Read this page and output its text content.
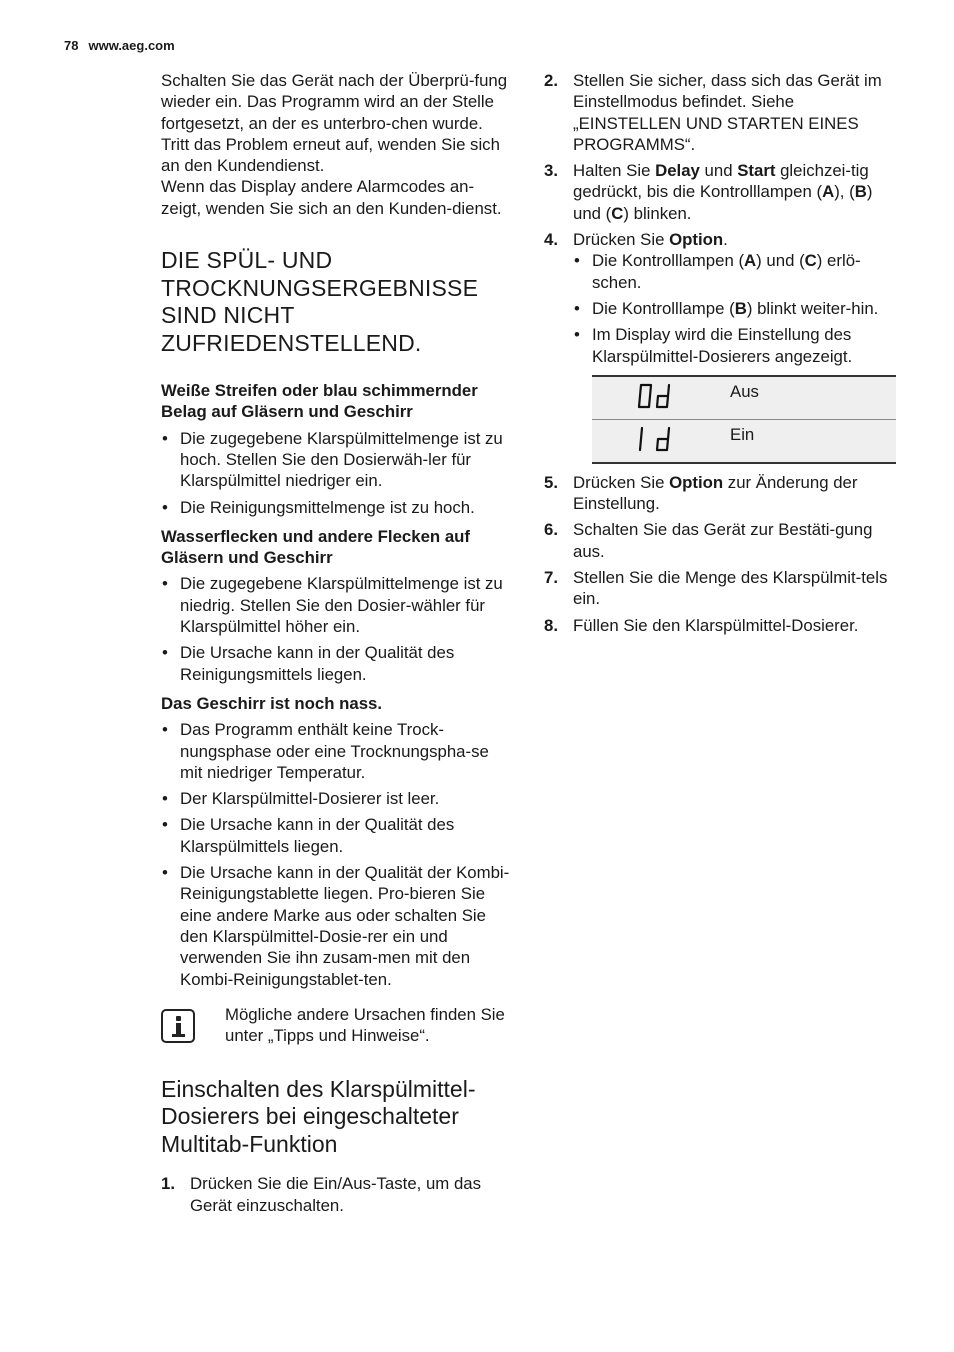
78 www.aeg.com

Schalten Sie das Gerät nach der Überprü-fung wieder ein. Das Programm wird an der Stelle fortgesetzt, an der es unterbro-chen wurde.

Tritt das Problem erneut auf, wenden Sie sich an den Kundendienst.

Wenn das Display andere Alarmcodes an-zeigt, wenden Sie sich an den Kunden-dienst.

DIE SPÜL- UND TROCKNUNGSERGEBNISSE SIND NICHT ZUFRIEDENSTELLEND.

Weiße Streifen oder blau schimmernder Belag auf Gläsern und Geschirr

• Die zugegebene Klarspülmittelmenge ist zu hoch. Stellen Sie den Dosierwäh-ler für Klarspülmittel niedriger ein.
• Die Reinigungsmittelmenge ist zu hoch.

Wasserflecken und andere Flecken auf Gläsern und Geschirr

• Die zugegebene Klarspülmittelmenge ist zu niedrig. Stellen Sie den Dosier-wähler für Klarspülmittel höher ein.
• Die Ursache kann in der Qualität des Reinigungsmittels liegen.

Das Geschirr ist noch nass.

• Das Programm enthält keine Trock-nungsphase oder eine Trocknungspha-se mit niedriger Temperatur.
• Der Klarspülmittel-Dosierer ist leer.
• Die Ursache kann in der Qualität des Klarspülmittels liegen.
• Die Ursache kann in der Qualität der Kombi-Reinigungstablette liegen. Pro-bieren Sie eine andere Marke aus oder schalten Sie den Klarspülmittel-Dosie-rer ein und verwenden Sie ihn zusam-men mit den Kombi-Reinigungstablet-ten.
Mögliche andere Ursachen finden Sie unter „Tipps und Hinweise“.
Einschalten des Klarspülmittel-Dosierers bei eingeschalteter Multitab-Funktion
1. Drücken Sie die Ein/Aus-Taste, um das Gerät einzuschalten.
2. Stellen Sie sicher, dass sich das Gerät im Einstellmodus befindet. Siehe „EINSTELLEN UND STARTEN EINES PROGRAMMS“.
3. Halten Sie Delay und Start gleichzei-tig gedrückt, bis die Kontrolllampen (A), (B) und (C) blinken.
4. Drücken Sie Option.
• Die Kontrolllampen (A) und (C) erlö-schen.
• Die Kontrolllampe (B) blinkt weiter-hin.
• Im Display wird die Einstellung des Klarspülmittel-Dosierers angezeigt.
	Aus
	Ein
5. Drücken Sie Option zur Änderung der Einstellung.
6. Schalten Sie das Gerät zur Bestäti-gung aus.
7. Stellen Sie die Menge des Klarspülmit-tels ein.
8. Füllen Sie den Klarspülmittel-Dosierer.
